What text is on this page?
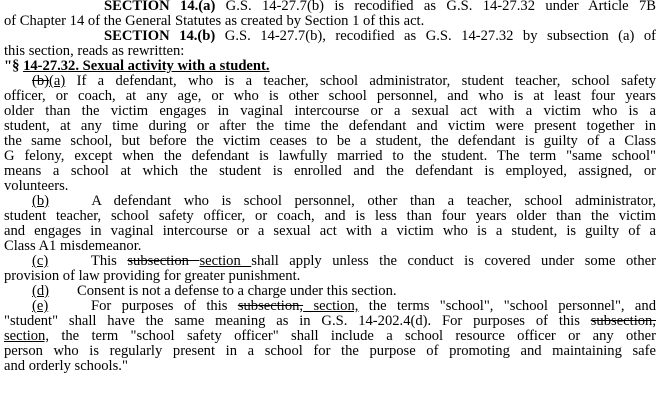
SECTION 14.(a) G.S. 14-27.7(b) is recodified as G.S. 14-27.32 under Article 7B
of Chapter 14 of the General Statutes as created by Section 1 of this act.
SECTION 14.(b) G.S. 14-27.7(b), recodified as G.S. 14-27.32 by subsection (a) of
this section, reads as rewritten:
"§ 14-27.32. Sexual activity with a student.
(b)(a) If a defendant, who is a teacher, school administrator, student teacher, school safety
officer, or coach, at any age, or who is other school personnel, and who is at least four years
older than the victim engages in vaginal intercourse or a sexual act with a victim who is a
student, at any time during or after the time the defendant and victim were present together in
the same school, but before the victim ceases to be a student, the defendant is guilty of a Class
G felony, except when the defendant is lawfully married to the student. The term "same school"
means a school at which the student is enrolled and the defendant is employed, assigned, or
volunteers.
(b)	A defendant who is school personnel, other than a teacher, school administrator,
student teacher, school safety officer, or coach, and is less than four years older than the victim
and engages in vaginal intercourse or a sexual act with a victim who is a student, is guilty of a
Class A1 misdemeanor.
(c)	This subsection section shall apply unless the conduct is covered under some other
provision of law providing for greater punishment.
(d) Consent is not a defense to a charge under this section.
(e)	For purposes of this subsection, section, the terms "school", "school personnel", and
"student" shall have the same meaning as in G.S. 14-202.4(d). For purposes of this subsection,
section, the term "school safety officer" shall include a school resource officer or any other
person who is regularly present in a school for the purpose of promoting and maintaining safe
and orderly schools."
